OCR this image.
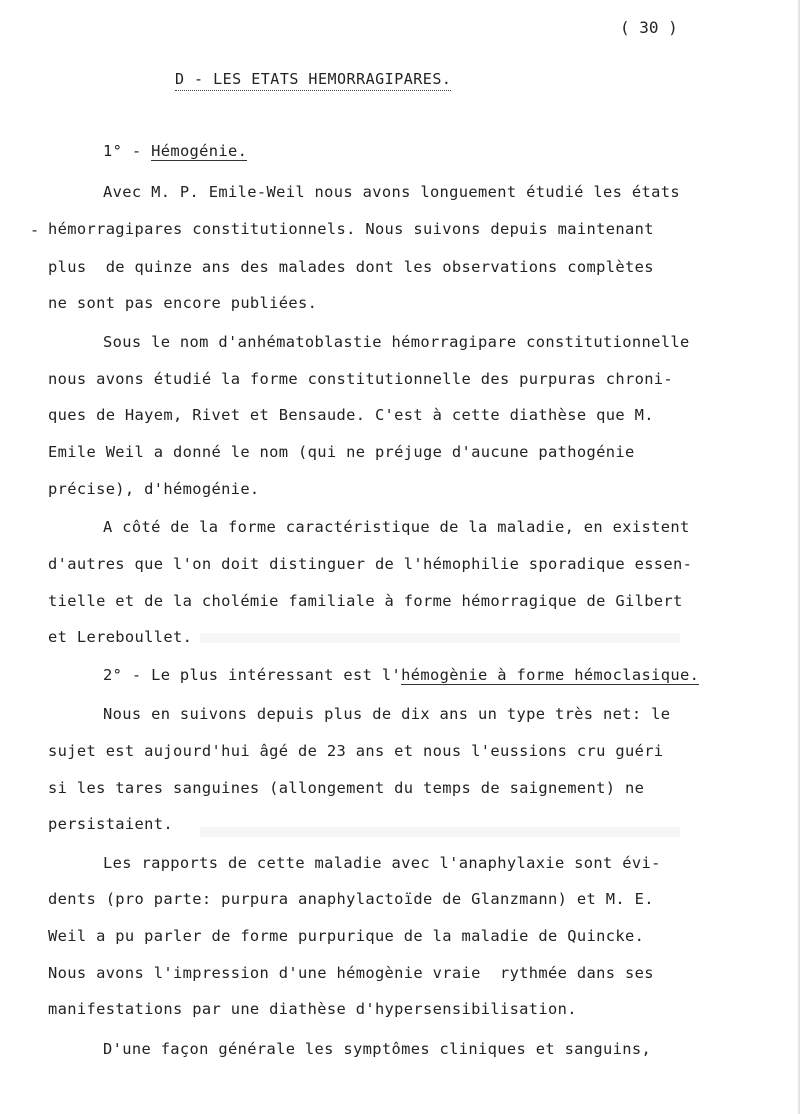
( 30 )
D - LES ETATS HEMORRAGIPARES.
-
1° - Hémogénie.
Avec M. P. Emile-Weil nous avons longuement étudié les états
hémorragipares constitutionnels. Nous suivons depuis maintenant
plus  de quinze ans des malades dont les observations complètes
ne sont pas encore publiées.
Sous le nom d'anhématoblastie hémorragipare constitutionnelle
nous avons étudié la forme constitutionnelle des purpuras chroni-
ques de Hayem, Rivet et Bensaude. C'est à cette diathèse que M.
Emile Weil a donné le nom (qui ne préjuge d'aucune pathogénie
précise), d'hémogénie.
A côté de la forme caractéristique de la maladie, en existent
d'autres que l'on doit distinguer de l'hémophilie sporadique essen-
tielle et de la cholémie familiale à forme hémorragique de Gilbert
et Lereboullet.
2° - Le plus intéressant est l'hémogènie à forme hémoclasique.
Nous en suivons depuis plus de dix ans un type très net: le
sujet est aujourd'hui âgé de 23 ans et nous l'eussions cru guéri
si les tares sanguines (allongement du temps de saignement) ne
persistaient.
Les rapports de cette maladie avec l'anaphylaxie sont évi-
dents (pro parte: purpura anaphylactoïde de Glanzmann) et M. E.
Weil a pu parler de forme purpurique de la maladie de Quincke.
Nous avons l'impression d'une hémogènie vraie  rythmée dans ses
manifestations par une diathèse d'hypersensibilisation.
D'une façon générale les symptômes cliniques et sanguins,
